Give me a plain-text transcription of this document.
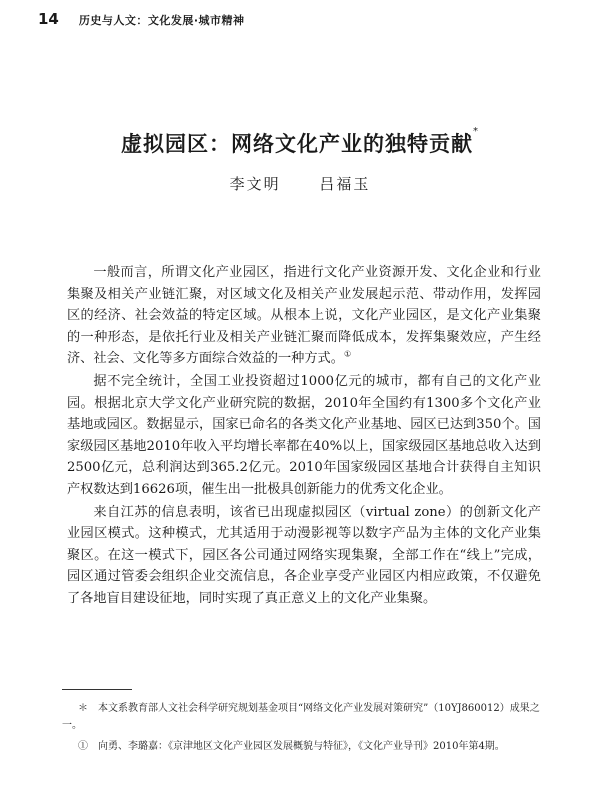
14 历史与人文：文化发展·城市精神
虚拟园区：网络文化产业的独特贡献*
李文明	吕福玉

一般而言，所谓文化产业园区，指进行文化产业资源开发、文化企业和行业集聚及相关产业链汇聚，对区域文化及相关产业发展起示范、带动作用，发挥园区的经济、社会效益的特定区域。从根本上说，文化产业园区，是文化产业集聚的一种形态，是依托行业及相关产业链汇聚而降低成本，发挥集聚效应，产生经济、社会、文化等多方面综合效益的一种方式。①

据不完全统计，全国工业投资超过1000亿元的城市，都有自己的文化产业园。根据北京大学文化产业研究院的数据，2010年全国约有1300多个文化产业基地或园区。数据显示，国家已命名的各类文化产业基地、园区已达到350个。国家级园区基地2010年收入平均增长率都在40%以上，国家级园区基地总收入达到2500亿元，总利润达到365.2亿元。2010年国家级园区基地合计获得自主知识产权数达到16626项，催生出一批极具创新能力的优秀文化企业。

来自江苏的信息表明，该省已出现虚拟园区（virtual zone）的创新文化产业园区模式。这种模式，尤其适用于动漫影视等以数字产品为主体的文化产业集聚区。在这一模式下，园区各公司通过网络实现集聚，全部工作在“线上”完成，园区通过管委会组织企业交流信息，各企业享受产业园区内相应政策，不仅避免了各地盲目建设征地，同时实现了真正意义上的文化产业集聚。

＊　本文系教育部人文社会科学研究规划基金项目“网络文化产业发展对策研究”（10YJ860012）成果之一。

①　向勇、李璐嘉：《京津地区文化产业园区发展概貌与特征》，《文化产业导刊》2010年第4期。
